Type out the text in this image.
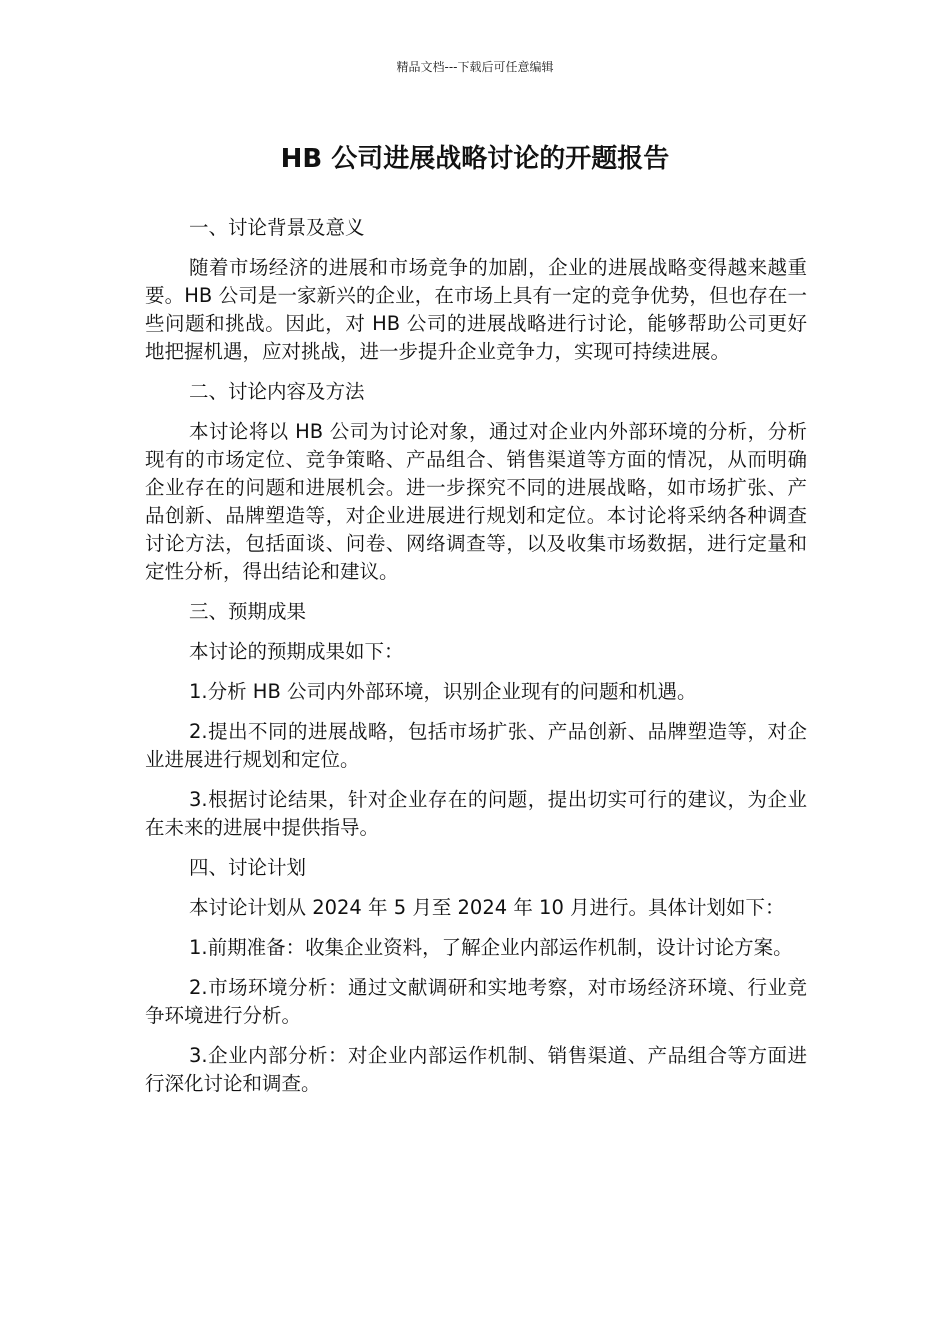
精品文档---下载后可任意编辑
HB 公司进展战略讨论的开题报告

一、讨论背景及意义

随着市场经济的进展和市场竞争的加剧，企业的进展战略变得越来越重要。HB 公司是一家新兴的企业，在市场上具有一定的竞争优势，但也存在一些问题和挑战。因此，对 HB 公司的进展战略进行讨论，能够帮助公司更好地把握机遇，应对挑战，进一步提升企业竞争力，实现可持续进展。

二、讨论内容及方法

本讨论将以 HB 公司为讨论对象，通过对企业内外部环境的分析，分析现有的市场定位、竞争策略、产品组合、销售渠道等方面的情况，从而明确企业存在的问题和进展机会。进一步探究不同的进展战略，如市场扩张、产品创新、品牌塑造等，对企业进展进行规划和定位。本讨论将采纳各种调查讨论方法，包括面谈、问卷、网络调查等，以及收集市场数据，进行定量和定性分析，得出结论和建议。

三、预期成果

本讨论的预期成果如下：

1.分析 HB 公司内外部环境，识别企业现有的问题和机遇。

2.提出不同的进展战略，包括市场扩张、产品创新、品牌塑造等，对企业进展进行规划和定位。

3.根据讨论结果，针对企业存在的问题，提出切实可行的建议，为企业在未来的进展中提供指导。

四、讨论计划

本讨论计划从 2024 年 5 月至 2024 年 10 月进行。具体计划如下：

1.前期准备：收集企业资料，了解企业内部运作机制，设计讨论方案。

2.市场环境分析：通过文献调研和实地考察，对市场经济环境、行业竞争环境进行分析。

3.企业内部分析：对企业内部运作机制、销售渠道、产品组合等方面进行深化讨论和调查。
